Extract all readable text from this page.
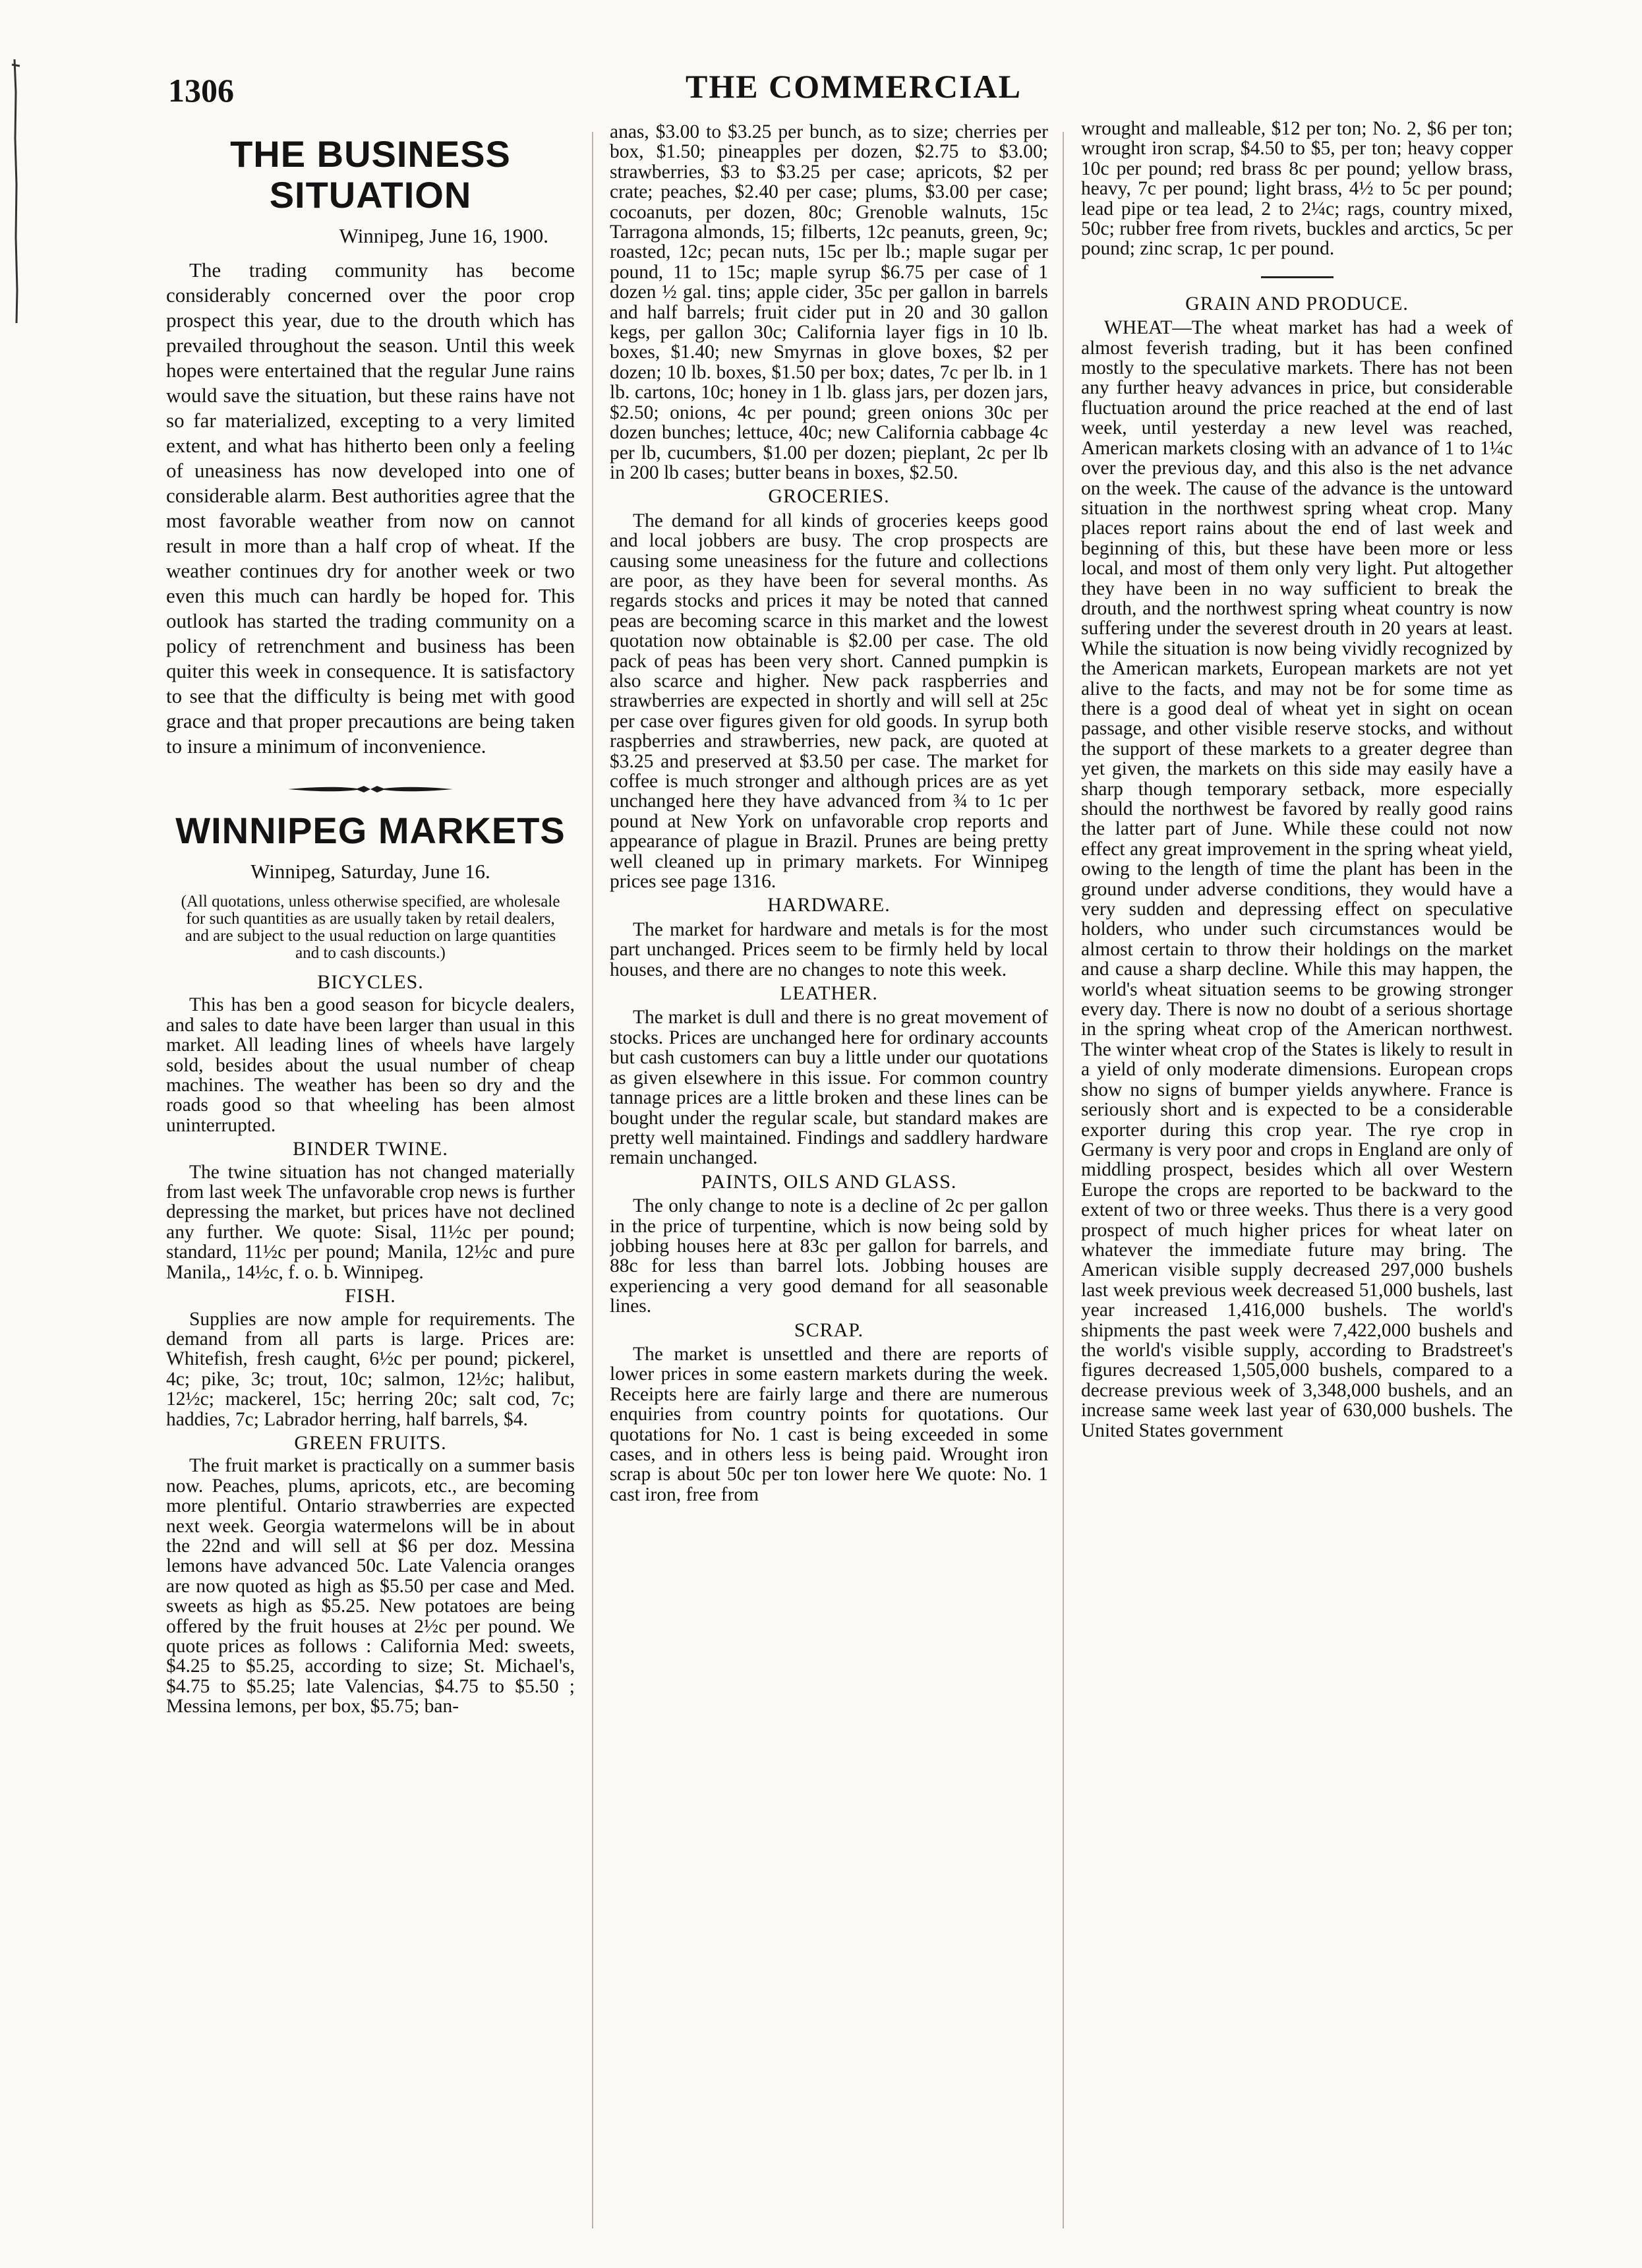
1306	THE COMMERCIAL
THE BUSINESS SITUATION
Winnipeg, June 16, 1900.

The trading community has become considerably concerned over the poor crop prospect this year, due to the drouth which has prevailed throughout the season. Until this week hopes were entertained that the regular June rains would save the situation, but these rains have not so far materialized, excepting to a very limited extent, and what has hitherto been only a feeling of uneasiness has now developed into one of considerable alarm. Best authorities agree that the most favorable weather from now on cannot result in more than a half crop of wheat. If the weather continues dry for another week or two even this much can hardly be hoped for. This outlook has started the trading community on a policy of retrenchment and business has been quiter this week in consequence. It is satisfactory to see that the difficulty is being met with good grace and that proper precautions are being taken to insure a minimum of inconvenience.

WINNIPEG MARKETS
Winnipeg, Saturday, June 16.
(All quotations, unless otherwise specified, are wholesale for such quantities as are usually taken by retail dealers, and are subject to the usual reduction on large quantities and to cash discounts.)
BICYCLES.

This has ben a good season for bicycle dealers, and sales to date have been larger than usual in this market. All leading lines of wheels have largely sold, besides about the usual number of cheap machines. The weather has been so dry and the roads good so that wheeling has been almost uninterrupted.

BINDER TWINE.

The twine situation has not changed materially from last week The unfavorable crop news is further depressing the market, but prices have not declined any further. We quote: Sisal, 11½c per pound; standard, 11½c per pound; Manila, 12½c and pure Manila,, 14½c, f. o. b. Winnipeg.

FISH.

Supplies are now ample for requirements. The demand from all parts is large. Prices are: Whitefish, fresh caught, 6½c per pound; pickerel, 4c; pike, 3c; trout, 10c; salmon, 12½c; halibut, 12½c; mackerel, 15c; herring 20c; salt cod, 7c; haddies, 7c; Labrador herring, half barrels, $4.

GREEN FRUITS.

The fruit market is practically on a summer basis now. Peaches, plums, apricots, etc., are becoming more plentiful. Ontario strawberries are expected next week. Georgia watermelons will be in about the 22nd and will sell at $6 per doz. Messina lemons have advanced 50c. Late Valencia oranges are now quoted as high as $5.50 per case and Med. sweets as high as $5.25. New potatoes are being offered by the fruit houses at 2½c per pound. We quote prices as follows : California Med: sweets, $4.25 to $5.25, according to size; St. Michael's, $4.75 to $5.25; late Valencias, $4.75 to $5.50 ; Messina lemons, per box, $5.75; ban-

anas, $3.00 to $3.25 per bunch, as to size; cherries per box, $1.50; pineapples per dozen, $2.75 to $3.00; strawberries, $3 to $3.25 per case; apricots, $2 per crate; peaches, $2.40 per case; plums, $3.00 per case; cocoanuts, per dozen, 80c; Grenoble walnuts, 15c Tarragona almonds, 15; filberts, 12c peanuts, green, 9c; roasted, 12c; pecan nuts, 15c per lb.; maple sugar per pound, 11 to 15c; maple syrup $6.75 per case of 1 dozen ½ gal. tins; apple cider, 35c per gallon in barrels and half barrels; fruit cider put in 20 and 30 gallon kegs, per gallon 30c; California layer figs in 10 lb. boxes, $1.40; new Smyrnas in glove boxes, $2 per dozen; 10 lb. boxes, $1.50 per box; dates, 7c per lb. in 1 lb. cartons, 10c; honey in 1 lb. glass jars, per dozen jars, $2.50; onions, 4c per pound; green onions 30c per dozen bunches; lettuce, 40c; new California cabbage 4c per lb, cucumbers, $1.00 per dozen; pieplant, 2c per lb in 200 lb cases; butter beans in boxes, $2.50.

GROCERIES.

The demand for all kinds of groceries keeps good and local jobbers are busy. The crop prospects are causing some uneasiness for the future and collections are poor, as they have been for several months. As regards stocks and prices it may be noted that canned peas are becoming scarce in this market and the lowest quotation now obtainable is $2.00 per case. The old pack of peas has been very short. Canned pumpkin is also scarce and higher. New pack raspberries and strawberries are expected in shortly and will sell at 25c per case over figures given for old goods. In syrup both raspberries and strawberries, new pack, are quoted at $3.25 and preserved at $3.50 per case. The market for coffee is much stronger and although prices are as yet unchanged here they have advanced from ¾ to 1c per pound at New York on unfavorable crop reports and appearance of plague in Brazil. Prunes are being pretty well cleaned up in primary markets. For Winnipeg prices see page 1316.

HARDWARE.

The market for hardware and metals is for the most part unchanged. Prices seem to be firmly held by local houses, and there are no changes to note this week.

LEATHER.

The market is dull and there is no great movement of stocks. Prices are unchanged here for ordinary accounts but cash customers can buy a little under our quotations as given elsewhere in this issue. For common country tannage prices are a little broken and these lines can be bought under the regular scale, but standard makes are pretty well maintained. Findings and saddlery hardware remain unchanged.

PAINTS, OILS AND GLASS.

The only change to note is a decline of 2c per gallon in the price of turpentine, which is now being sold by jobbing houses here at 83c per gallon for barrels, and 88c for less than barrel lots. Jobbing houses are experiencing a very good demand for all seasonable lines.

SCRAP.

The market is unsettled and there are reports of lower prices in some eastern markets during the week. Receipts here are fairly large and there are numerous enquiries from country points for quotations. Our quotations for No. 1 cast is being exceeded in some cases, and in others less is being paid. Wrought iron scrap is about 50c per ton lower here We quote: No. 1 cast iron, free from

wrought and malleable, $12 per ton; No. 2, $6 per ton; wrought iron scrap, $4.50 to $5, per ton; heavy copper 10c per pound; red brass 8c per pound; yellow brass, heavy, 7c per pound; light brass, 4½ to 5c per pound; lead pipe or tea lead, 2 to 2¼c; rags, country mixed, 50c; rubber free from rivets, buckles and arctics, 5c per pound; zinc scrap, 1c per pound.

GRAIN AND PRODUCE.

WHEAT—The wheat market has had a week of almost feverish trading, but it has been confined mostly to the speculative markets. There has not been any further heavy advances in price, but considerable fluctuation around the price reached at the end of last week, until yesterday a new level was reached, American markets closing with an advance of 1 to 1¼c over the previous day, and this also is the net advance on the week. The cause of the advance is the untoward situation in the northwest spring wheat crop. Many places report rains about the end of last week and beginning of this, but these have been more or less local, and most of them only very light. Put altogether they have been in no way sufficient to break the drouth, and the northwest spring wheat country is now suffering under the severest drouth in 20 years at least. While the situation is now being vividly recognized by the American markets, European markets are not yet alive to the facts, and may not be for some time as there is a good deal of wheat yet in sight on ocean passage, and other visible reserve stocks, and without the support of these markets to a greater degree than yet given, the markets on this side may easily have a sharp though temporary setback, more especially should the northwest be favored by really good rains the latter part of June. While these could not now effect any great improvement in the spring wheat yield, owing to the length of time the plant has been in the ground under adverse conditions, they would have a very sudden and depressing effect on speculative holders, who under such circumstances would be almost certain to throw their holdings on the market and cause a sharp decline. While this may happen, the world's wheat situation seems to be growing stronger every day. There is now no doubt of a serious shortage in the spring wheat crop of the American northwest. The winter wheat crop of the States is likely to result in a yield of only moderate dimensions. European crops show no signs of bumper yields anywhere. France is seriously short and is expected to be a considerable exporter during this crop year. The rye crop in Germany is very poor and crops in England are only of middling prospect, besides which all over Western Europe the crops are reported to be backward to the extent of two or three weeks. Thus there is a very good prospect of much higher prices for wheat later on whatever the immediate future may bring. The American visible supply decreased 297,000 bushels last week previous week decreased 51,000 bushels, last year increased 1,416,000 bushels. The world's shipments the past week were 7,422,000 bushels and the world's visible supply, according to Bradstreet's figures decreased 1,505,000 bushels, compared to a decrease previous week of 3,348,000 bushels, and an increase same week last year of 630,000 bushels. The United States government
